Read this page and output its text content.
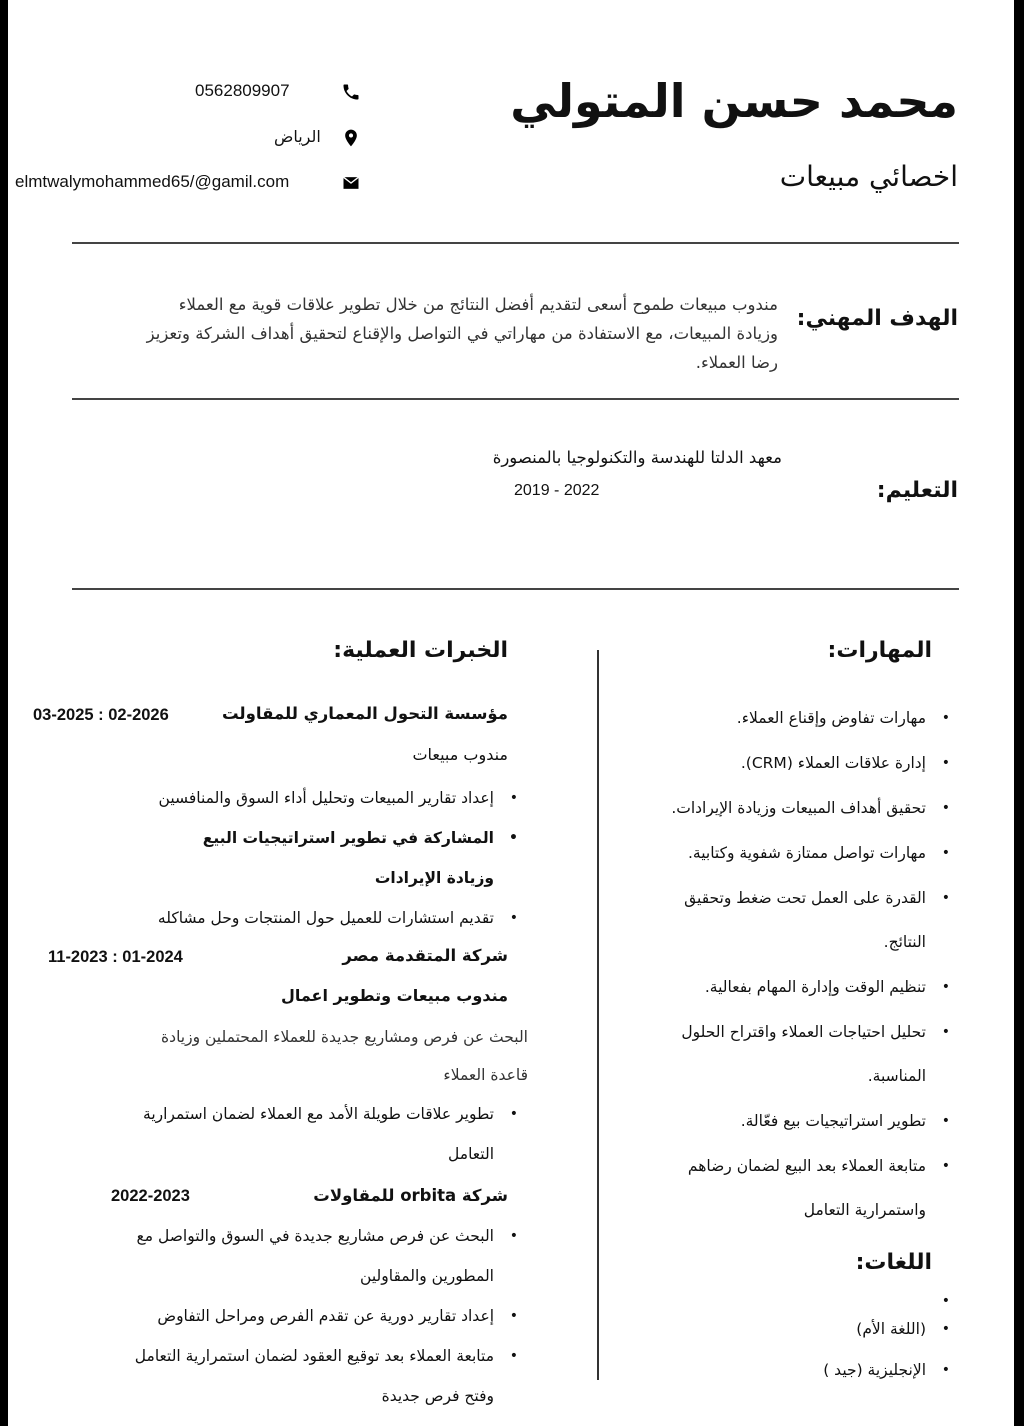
محمد حسن المتولي
اخصائي مبيعات
0562809907
الرياض
elmtwalymohammed65/@gamil.com
الهدف المهني:
مندوب مبيعات طموح أسعى لتقديم أفضل النتائج من خلال تطوير علاقات قوية مع العملاء وزيادة المبيعات، مع الاستفادة من مهاراتي في التواصل والإقناع لتحقيق أهداف الشركة وتعزيز رضا العملاء.
التعليم:
معهد الدلتا للهندسة والتكنولوجيا بالمنصورة
2019 - 2022
المهارات:
•
مهارات تفاوض وإقناع العملاء.
•
إدارة علاقات العملاء (CRM).
•
تحقيق أهداف المبيعات وزيادة الإيرادات.
•
مهارات تواصل ممتازة شفوية وكتابية.
•
القدرة على العمل تحت ضغط وتحقيق النتائج.
•
تنظيم الوقت وإدارة المهام بفعالية.
•
تحليل احتياجات العملاء واقتراح الحلول المناسبة.
•
تطوير استراتيجيات بيع فعّالة.
•
متابعة العملاء بعد البيع لضمان رضاهم واستمرارية التعامل
اللغات:
•
•
(اللغة الأم)
•
الإنجليزية (جيد )
الخبرات العملية:
مؤسسة التحول المعماري للمقاولت
03-2025 : 02-2026
مندوب مبيعات
•
إعداد تقارير المبيعات وتحليل أداء السوق والمنافسين
•
المشاركة في تطوير استراتيجيات البيع وزيادة الإيرادات
•
تقديم استشارات للعميل حول المنتجات وحل مشاكله
شركة المتقدمة مصر
11-2023 : 01-2024
مندوب مبيعات وتطوير اعمال
البحث عن فرص ومشاريع جديدة للعملاء المحتملين وزيادة قاعدة العملاء
•
تطوير علاقات طويلة الأمد مع العملاء لضمان استمرارية التعامل
شركة orbita للمقاولات
2022-2023
•
البحث عن فرص مشاريع جديدة في السوق والتواصل مع المطورين والمقاولين
•
إعداد تقارير دورية عن تقدم الفرص ومراحل التفاوض
•
متابعة العملاء بعد توقيع العقود لضمان استمرارية التعامل وفتح فرص جديدة
